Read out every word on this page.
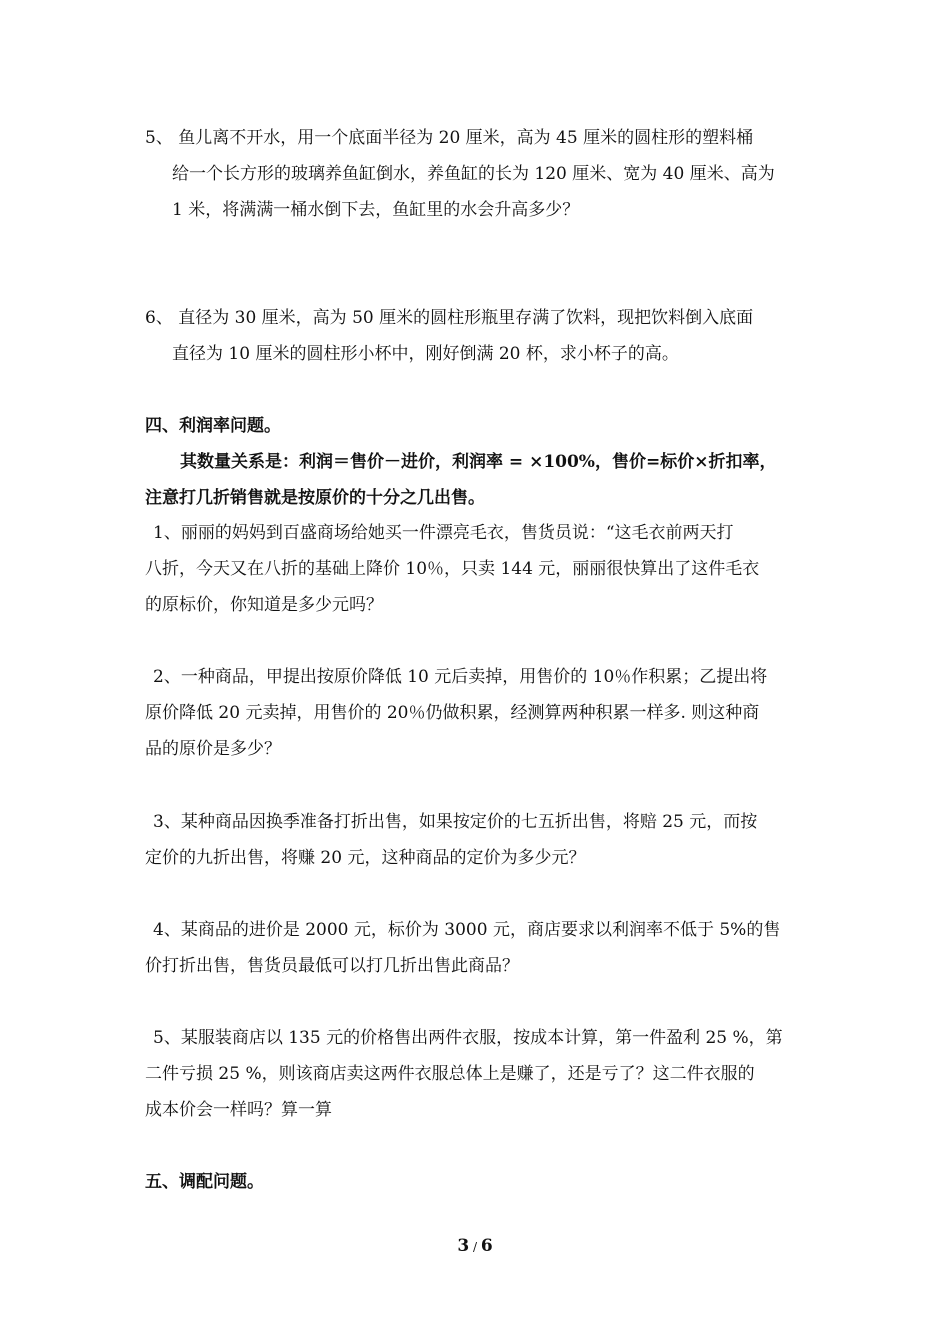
5、 鱼儿离不开水，用一个底面半径为 20 厘米，高为 45 厘米的圆柱形的塑料桶
给一个长方形的玻璃养鱼缸倒水，养鱼缸的长为 120 厘米、宽为 40 厘米、高为
1 米，将满满一桶水倒下去，鱼缸里的水会升高多少？
6、 直径为 30 厘米，高为 50 厘米的圆柱形瓶里存满了饮料，现把饮料倒入底面
直径为 10 厘米的圆柱形小杯中，刚好倒满 20 杯，求小杯子的高。
四、利润率问题。
其数量关系是：利润＝售价－进价，利润率 = ×100%，售价=标价×折扣率，
注意打几折销售就是按原价的十分之几出售。
1、丽丽的妈妈到百盛商场给她买一件漂亮毛衣，售货员说：“这毛衣前两天打
八折，今天又在八折的基础上降价 10％，只卖 144 元，丽丽很快算出了这件毛衣
的原标价，你知道是多少元吗？
2、一种商品，甲提出按原价降低 10 元后卖掉，用售价的 10％作积累；乙提出将
原价降低 20 元卖掉，用售价的 20％仍做积累，经测算两种积累一样多. 则这种商
品的原价是多少？
3、某种商品因换季准备打折出售，如果按定价的七五折出售，将赔 25 元，而按
定价的九折出售，将赚 20 元，这种商品的定价为多少元？
4、某商品的进价是 2000 元，标价为 3000 元，商店要求以利润率不低于 5%的售
价打折出售，售货员最低可以打几折出售此商品？
5、某服装商店以 135 元的价格售出两件衣服，按成本计算，第一件盈利 25 %，第
二件亏损 25 %，则该商店卖这两件衣服总体上是赚了，还是亏了？这二件衣服的
成本价会一样吗？算一算
五、调配问题。
3 / 6
